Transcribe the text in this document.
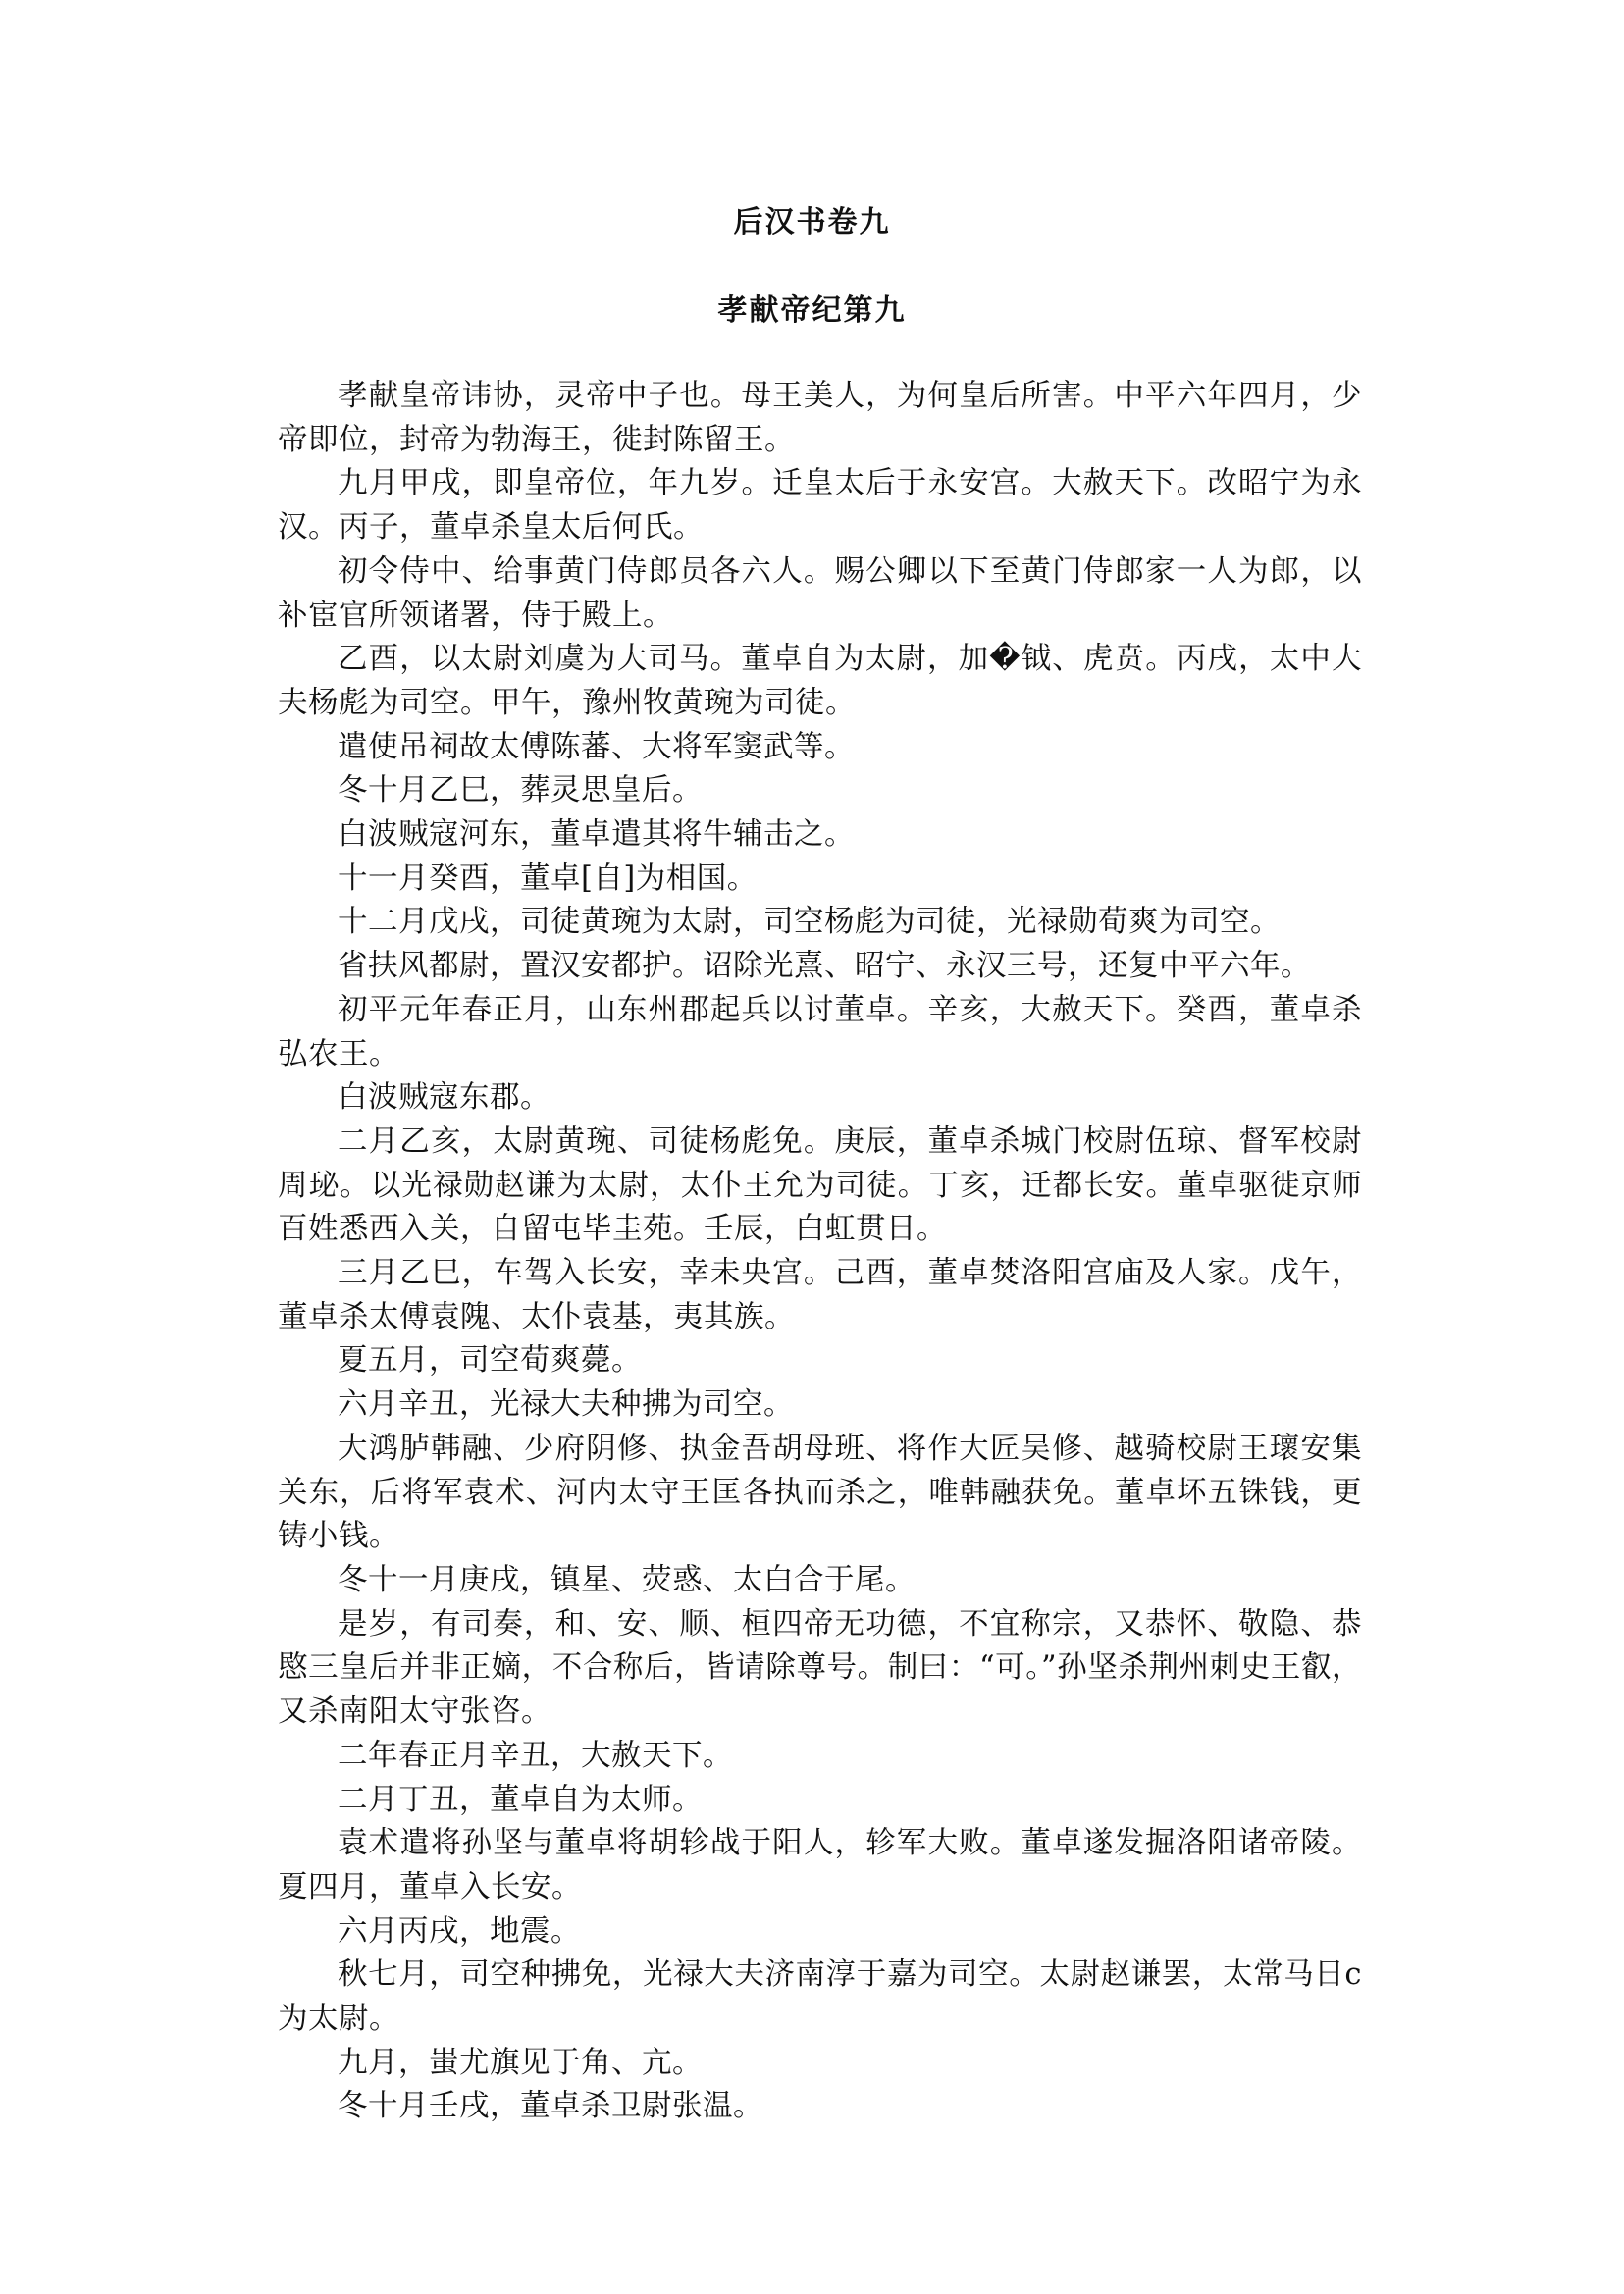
后汉书卷九
孝献帝纪第九

孝献皇帝讳协，灵帝中子也。母王美人，为何皇后所害。中平六年四月，少帝即位，封帝为勃海王，徙封陈留王。

九月甲戌，即皇帝位，年九岁。迁皇太后于永安宫。大赦天下。改昭宁为永汉。丙子，董卓杀皇太后何氏。

初令侍中、给事黄门侍郎员各六人。赐公卿以下至黄门侍郎家一人为郎，以补宦官所领诸署，侍于殿上。

乙酉，以太尉刘虞为大司马。董卓自为太尉，加�钺、虎贲。丙戌，太中大夫杨彪为司空。甲午，豫州牧黄琬为司徒。

遣使吊祠故太傅陈蕃、大将军窦武等。

冬十月乙巳，葬灵思皇后。

白波贼寇河东，董卓遣其将牛辅击之。

十一月癸酉，董卓[自]为相国。

十二月戊戌，司徒黄琬为太尉，司空杨彪为司徒，光禄勋荀爽为司空。

省扶风都尉，置汉安都护。诏除光熹、昭宁、永汉三号，还复中平六年。

初平元年春正月，山东州郡起兵以讨董卓。辛亥，大赦天下。癸酉，董卓杀弘农王。

白波贼寇东郡。

二月乙亥，太尉黄琬、司徒杨彪免。庚辰，董卓杀城门校尉伍琼、督军校尉周珌。以光禄勋赵谦为太尉，太仆王允为司徒。丁亥，迁都长安。董卓驱徙京师百姓悉西入关，自留屯毕圭苑。壬辰，白虹贯日。

三月乙巳，车驾入长安，幸未央宫。己酉，董卓焚洛阳宫庙及人家。戊午，董卓杀太傅袁隗、太仆袁基，夷其族。

夏五月，司空荀爽薨。

六月辛丑，光禄大夫种拂为司空。

大鸿胪韩融、少府阴修、执金吾胡母班、将作大匠吴修、越骑校尉王瓌安集关东，后将军袁术、河内太守王匡各执而杀之，唯韩融获免。董卓坏五铢钱，更铸小钱。

冬十一月庚戌，镇星、荧惑、太白合于尾。

是岁，有司奏，和、安、顺、桓四帝无功德，不宜称宗，又恭怀、敬隐、恭愍三皇后并非正嫡，不合称后，皆请除尊号。制曰：“可。”孙坚杀荆州刺史王叡，又杀南阳太守张咨。

二年春正月辛丑，大赦天下。

二月丁丑，董卓自为太师。

袁术遣将孙坚与董卓将胡轸战于阳人，轸军大败。董卓遂发掘洛阳诸帝陵。夏四月，董卓入长安。

六月丙戌，地震。

秋七月，司空种拂免，光禄大夫济南淳于嘉为司空。太尉赵谦罢，太常马日c 为太尉。

九月，蚩尤旗见于角、亢。

冬十月壬戌，董卓杀卫尉张温。
